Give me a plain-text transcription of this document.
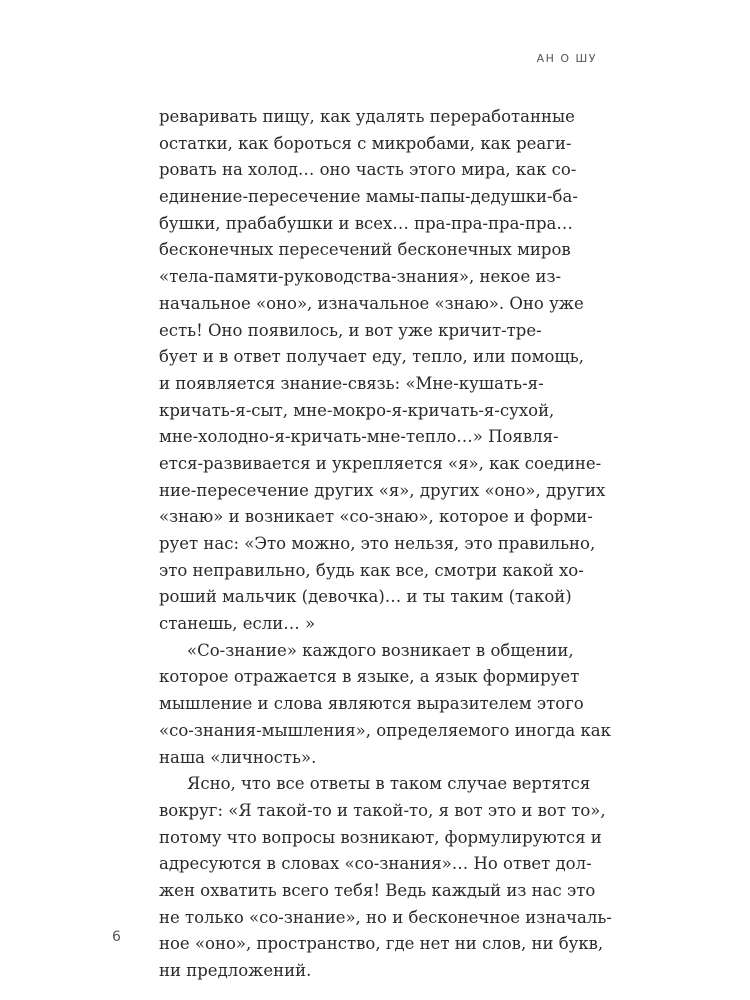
АН О ШУ
реваривать пищу, как удалять переработанные
остатки, как бороться с микробами, как реаги-
ровать на холод… оно часть этого мира, как со-
единение-пересечение мамы-папы-дедушки-ба-
бушки, прабабушки и всех… пра-пра-пра-пра…
бесконечных пересечений бесконечных миров
«тела-памяти-руководства-знания», некое из-
начальное «оно», изначальное «знаю». Оно уже
есть! Оно появилось, и вот уже кричит-тре-
бует и в ответ получает еду, тепло, или помощь,
и появляется знание-связь: «Мне-кушать-я-
кричать-я-сыт, мне-мокро-я-кричать-я-сухой,
мне-холодно-я-кричать-мне-тепло…» Появля-
ется-развивается и укрепляется «я», как соедине-
ние-пересечение других «я», других «оно», других
«знаю» и возникает «со-знаю», которое и форми-
рует нас: «Это можно, это нельзя, это правильно,
это неправильно, будь как все, смотри какой хо-
роший мальчик (девочка)… и ты таким (такой)
станешь, если… »
«Со-знание» каждого возникает в общении,
которое отражается в языке, а язык формирует
мышление и слова являются выразителем этого
«со-знания-мышления», определяемого иногда как
наша «личность».
Ясно, что все ответы в таком случае вертятся
вокруг: «Я такой-то и такой-то, я вот это и вот то»,
потому что вопросы возникают, формулируются и
адресуются в словах «со-знания»… Но ответ дол-
жен охватить всего тебя! Ведь каждый из нас это
не только «со-знание», но и бесконечное изначаль-
ное «оно», пространство, где нет ни слов, ни букв,
ни предложений.
6
